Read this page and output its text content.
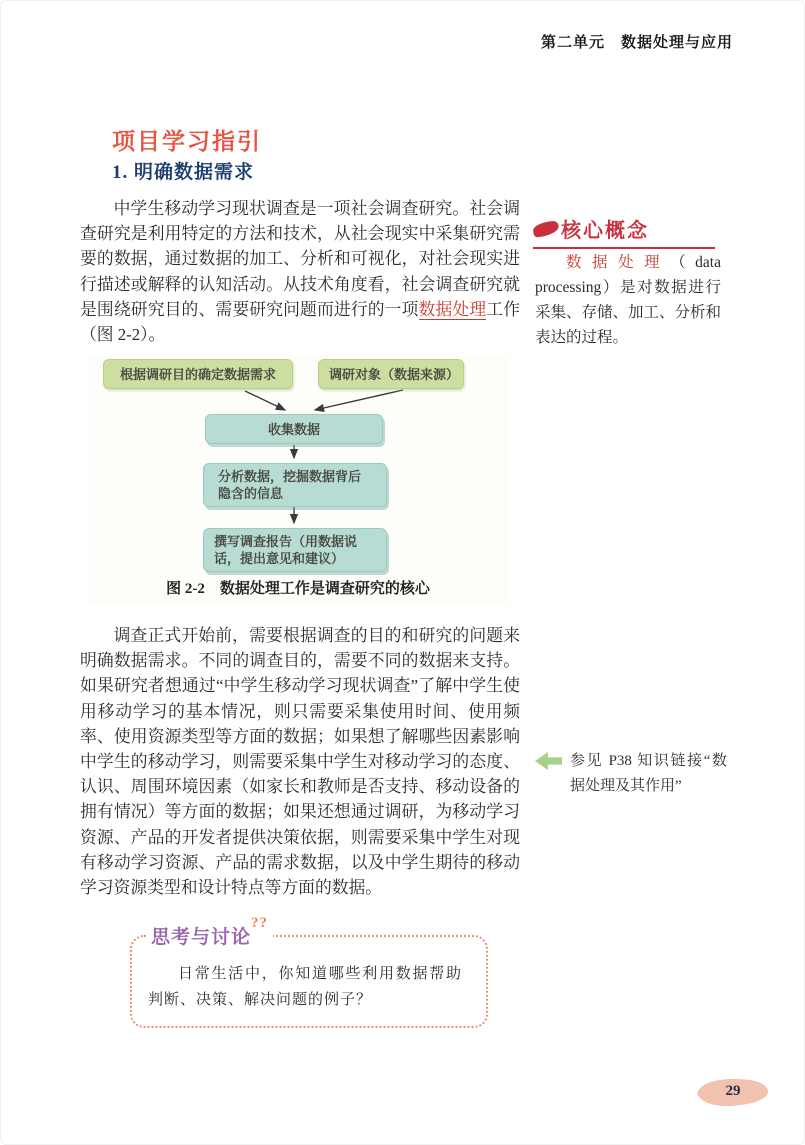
第二单元　数据处理与应用
项目学习指引
1. 明确数据需求

中学生移动学习现状调查是一项社会调查研究。社会调查研究是利用特定的方法和技术，从社会现实中采集研究需要的数据，通过数据的加工、分析和可视化，对社会现实进行描述或解释的认知活动。从技术角度看，社会调查研究就是围绕研究目的、需要研究问题而进行的一项数据处理工作（图 2-2）。

根据调研目的确定数据需求	调研对象（数据来源）
收集数据
分析数据，挖掘数据背后隐含的信息
撰写调查报告（用数据说话，提出意见和建议）
图 2-2　数据处理工作是调查研究的核心

调查正式开始前，需要根据调查的目的和研究的问题来明确数据需求。不同的调查目的，需要不同的数据来支持。如果研究者想通过“中学生移动学习现状调查”了解中学生使用移动学习的基本情况，则只需要采集使用时间、使用频率、使用资源类型等方面的数据；如果想了解哪些因素影响中学生的移动学习，则需要采集中学生对移动学习的态度、认识、周围环境因素（如家长和教师是否支持、移动设备的拥有情况）等方面的数据；如果还想通过调研，为移动学习资源、产品的开发者提供决策依据，则需要采集中学生对现有移动学习资源、产品的需求数据，以及中学生期待的移动学习资源类型和设计特点等方面的数据。

思考与讨论
??

日常生活中，你知道哪些利用数据帮助判断、决策、解决问题的例子？

核心概念

数据处理（data processing）是对数据进行采集、存储、加工、分析和表达的过程。

参见 P38 知识链接“数据处理及其作用”

29
